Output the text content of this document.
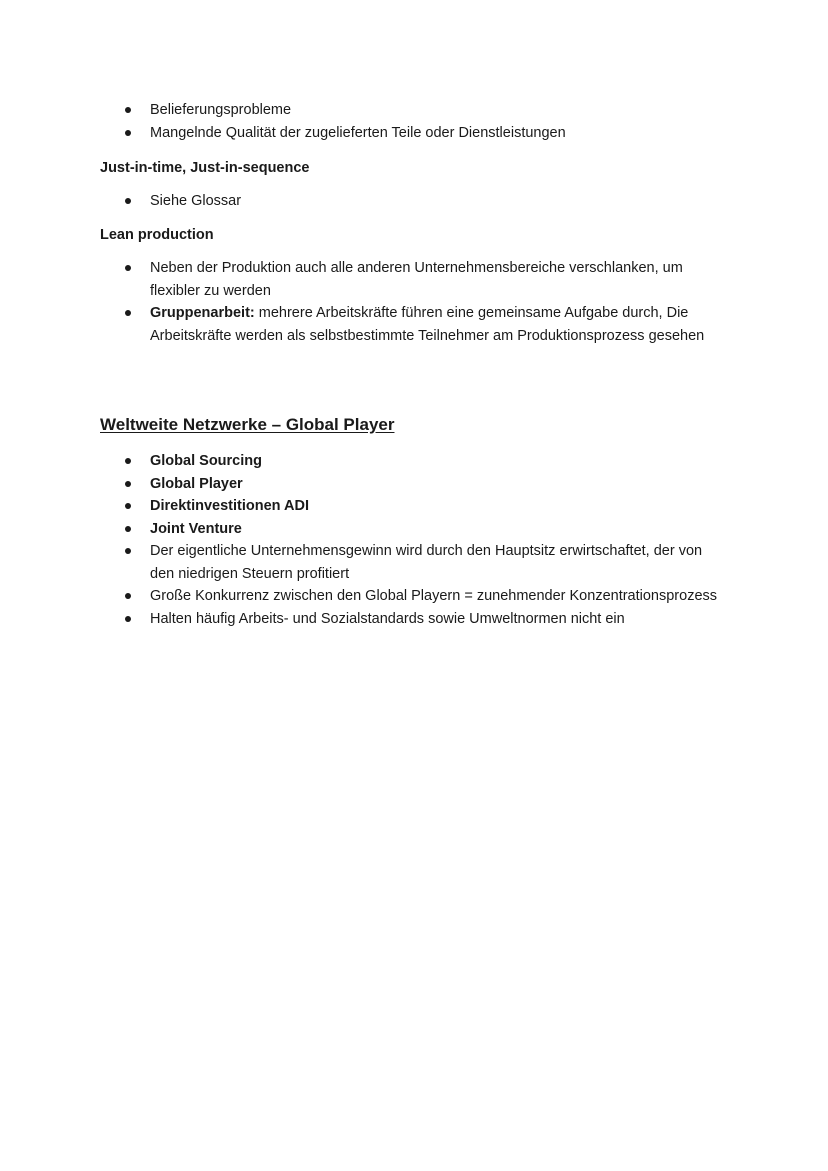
Belieferungsprobleme
Mangelnde Qualität der zugelieferten Teile oder Dienstleistungen
Just-in-time, Just-in-sequence
Siehe Glossar
Lean production
Neben der Produktion auch alle anderen Unternehmensbereiche verschlanken, um flexibler zu werden
Gruppenarbeit: mehrere Arbeitskräfte führen eine gemeinsame Aufgabe durch, Die Arbeitskräfte werden als selbstbestimmte Teilnehmer am Produktionsprozess gesehen
Weltweite Netzwerke – Global Player
Global Sourcing
Global Player
Direktinvestitionen ADI
Joint Venture
Der eigentliche Unternehmensgewinn wird durch den Hauptsitz erwirtschaftet, der von den niedrigen Steuern profitiert
Große Konkurrenz zwischen den Global Playern = zunehmender Konzentrationsprozess
Halten häufig Arbeits- und Sozialstandards sowie Umweltnormen nicht ein
